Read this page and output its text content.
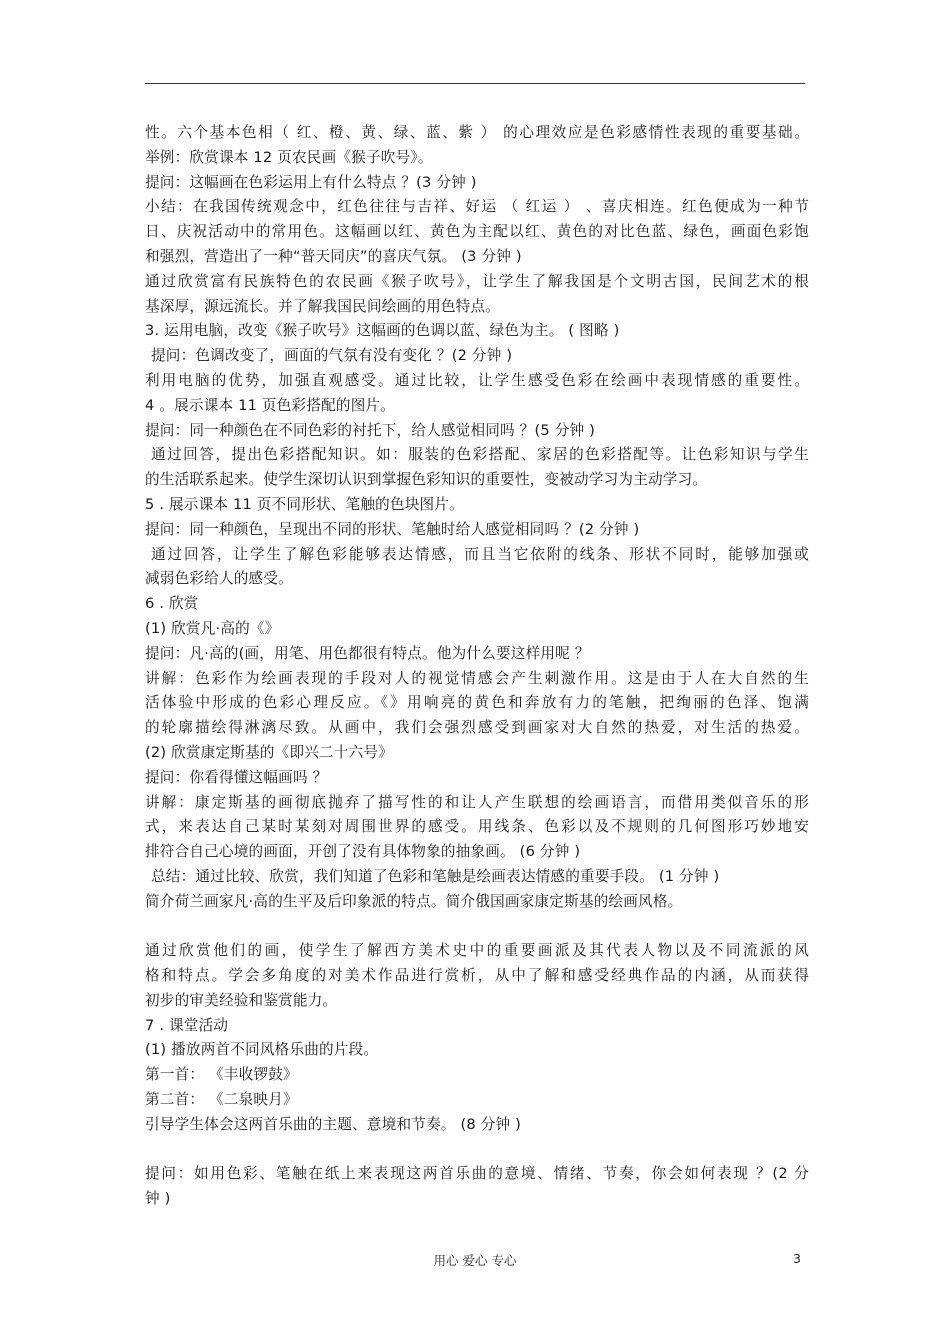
性。六个基本色相（ 红、橙、黄、绿、蓝、紫 ） 的心理效应是色彩感情性表现的重要基础。
举例：欣赏课本 12 页农民画《猴子吹号》。
提问：这幅画在色彩运用上有什么特点 ？(3 分钟 )
小结：在我国传统观念中，红色往往与吉祥、好运 （ 红运 ） 、喜庆相连。红色便成为一种节
日、庆祝活动中的常用色。这幅画以红、黄色为主配以红、黄色的对比色蓝、绿色，画面色彩饱
和强烈，营造出了一种“普天同庆”的喜庆气氛。 (3 分钟 )
通过欣赏富有民族特色的农民画《猴子吹号》，让学生了解我国是个文明古国，民间艺术的根
基深厚，源远流长。并了解我国民间绘画的用色特点。
3. 运用电脑，改变《猴子吹号》这幅画的色调以蓝、绿色为主。 ( 图略 )
提问：色调改变了，画面的气氛有没有变化 ？(2 分钟 )
利用电脑的优势，加强直观感受。通过比较，让学生感受色彩在绘画中表现情感的重要性。
4 。展示课本 11 页色彩搭配的图片。
提问：同一种颜色在不同色彩的衬托下，给人感觉相同吗 ？(5 分钟 )
通过回答，提出色彩搭配知识。如：服装的色彩搭配、家居的色彩搭配等。让色彩知识与学生
的生活联系起来。使学生深切认识到掌握色彩知识的重要性，变被动学习为主动学习。
5 . 展示课本 11 页不同形状、笔触的色块图片。
提问：同一种颜色，呈现出不同的形状、笔触时给人感觉相同吗 ？(2 分钟 )
通过回答，让学生了解色彩能够表达情感，而且当它依附的线条、形状不同时，能够加强或
减弱色彩给人的感受。
6 . 欣赏
(1) 欣赏凡·高的《》
提问：凡·高的(画，用笔、用色都很有特点。他为什么要这样用呢 ？
讲解：色彩作为绘画表现的手段对人的视觉情感会产生刺激作用。这是由于人在大自然的生
活体验中形成的色彩心理反应。《》用响亮的黄色和奔放有力的笔触，把绚丽的色泽、饱满
的轮廓描绘得淋漓尽致。从画中，我们会强烈感受到画家对大自然的热爱，对生活的热爱。
(2) 欣赏康定斯基的《即兴二十六号》
提问：你看得懂这幅画吗 ？
讲解：康定斯基的画彻底抛弃了描写性的和让人产生联想的绘画语言，而借用类似音乐的形
式，来表达自己某时某刻对周围世界的感受。用线条、色彩以及不规则的几何图形巧妙地安
排符合自己心境的画面，开创了没有具体物象的抽象画。 (6 分钟 )
总结：通过比较、欣赏，我们知道了色彩和笔触是绘画表达情感的重要手段。 (1 分钟 )
简介荷兰画家凡·高的生平及后印象派的特点。简介俄国画家康定斯基的绘画风格。
通过欣赏他们的画，使学生了解西方美术史中的重要画派及其代表人物以及不同流派的风
格和特点。学会多角度的对美术作品进行赏析，从中了解和感受经典作品的内涵，从而获得
初步的审美经验和鉴赏能力。
7 . 课堂活动
(1) 播放两首不同风格乐曲的片段。
第一首： 《丰收锣鼓》
第二首： 《二泉映月》
引导学生体会这两首乐曲的主题、意境和节奏。 (8 分钟 )
提问：如用色彩、笔触在纸上来表现这两首乐曲的意境、情绪、节奏，你会如何表现 ？(2 分
钟 )
用心 爱心 专心	3
